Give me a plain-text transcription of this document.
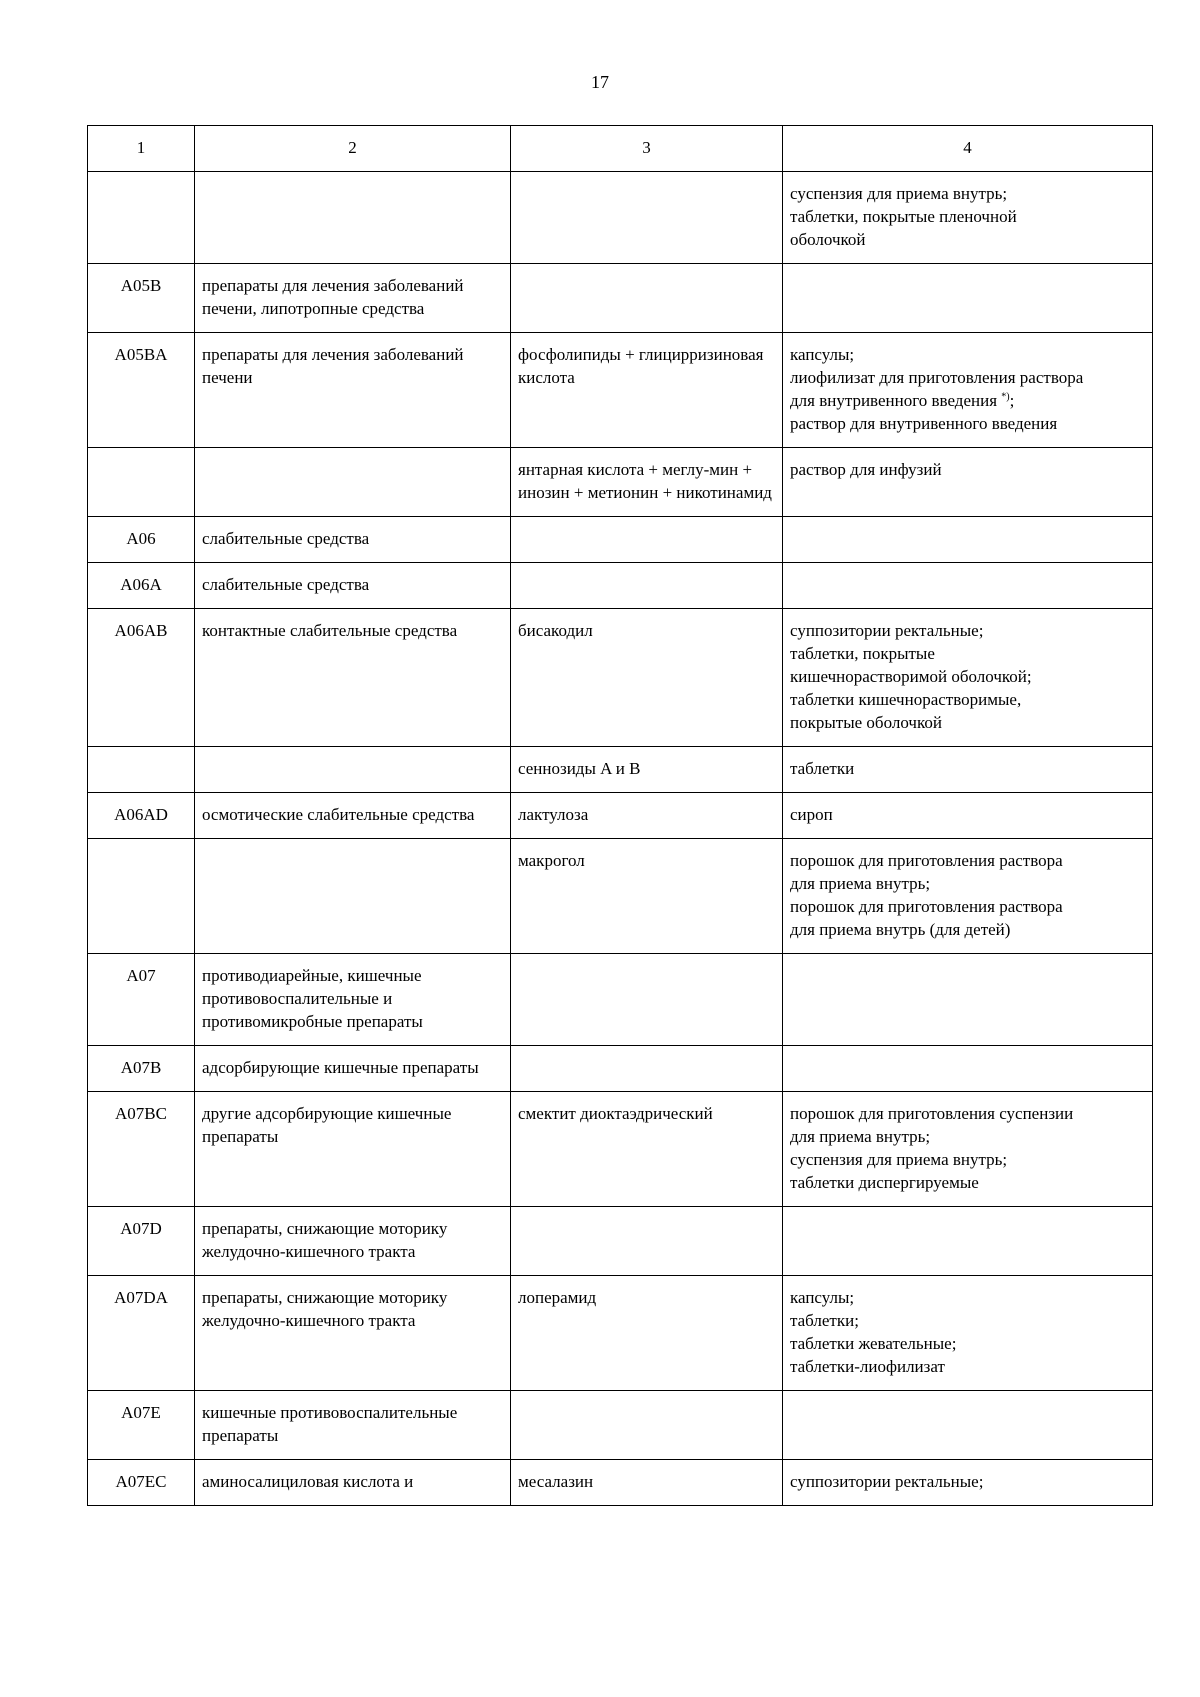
17
1	2	3	4

			суспензия для приема внутрь;
таблетки, покрытые пленочной
оболочкой

A05B	препараты для лечения заболеваний печени, липотропные средства		
A05BA	препараты для лечения заболеваний печени	фосфолипиды + глицирризиновая кислота	капсулы;
лиофилизат для приготовления раствора
для внутривенного введения *);
раствор для внутривенного введения

		янтарная кислота + меглу-мин + инозин + метионин + никотинамид	раствор для инфузий

A06	слабительные средства		
A06A	слабительные средства		
A06AB	контактные слабительные средства	бисакодил	суппозитории ректальные;
таблетки, покрытые
кишечнорастворимой оболочкой;
таблетки кишечнорастворимые,
покрытые оболочкой

		сеннозиды A и B	таблетки

A06AD	осмотические слабительные средства	лактулоза	сироп

		макрогол	порошок для приготовления раствора
для приема внутрь;
порошок для приготовления раствора
для приема внутрь (для детей)

A07	противодиарейные, кишечные противовоспалительные и противомикробные препараты		
A07B	адсорбирующие кишечные препараты		
A07BC	другие адсорбирующие кишечные препараты	смектит диоктаэдрический	порошок для приготовления суспензии
для приема внутрь;
суспензия для приема внутрь;
таблетки диспергируемые

A07D	препараты, снижающие моторику желудочно-кишечного тракта		
A07DA	препараты, снижающие моторику желудочно-кишечного тракта	лоперамид	капсулы;
таблетки;
таблетки жевательные;
таблетки-лиофилизат

A07E	кишечные противовоспалительные препараты		
A07EC	аминосалициловая кислота и	месалазин	суппозитории ректальные;
